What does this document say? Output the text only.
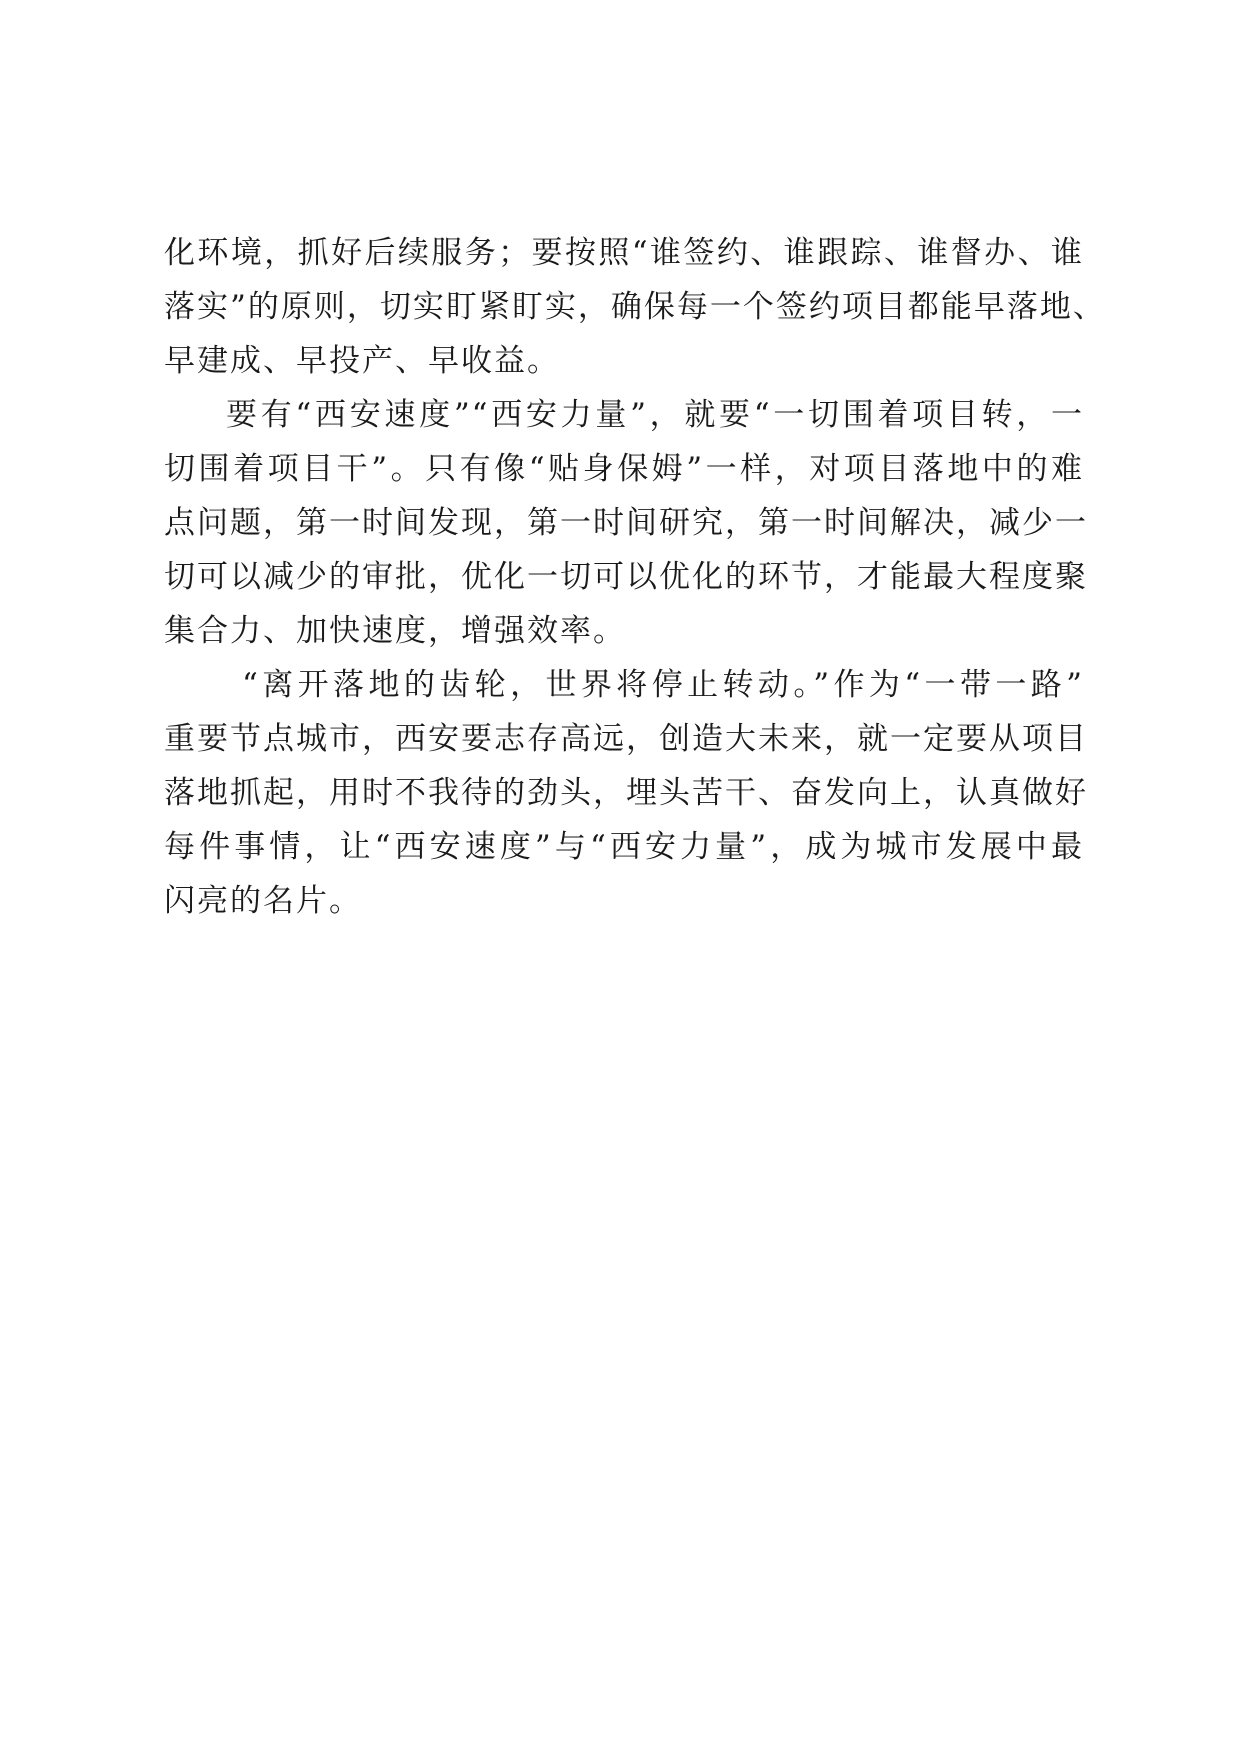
化环境，抓好后续服务；要按照“谁签约、谁跟踪、谁督办、谁
落实”的原则，切实盯紧盯实，确保每一个签约项目都能早落地、
早建成、早投产、早收益。
要有“西安速度”“西安力量”，就要“一切围着项目转，一
切围着项目干”。只有像“贴身保姆”一样，对项目落地中的难
点问题，第一时间发现，第一时间研究，第一时间解决，减少一
切可以减少的审批，优化一切可以优化的环节，才能最大程度聚
集合力、加快速度，增强效率。
“离开落地的齿轮，世界将停止转动。”作为“一带一路”
重要节点城市，西安要志存高远，创造大未来，就一定要从项目
落地抓起，用时不我待的劲头，埋头苦干、奋发向上，认真做好
每件事情，让“西安速度”与“西安力量”，成为城市发展中最
闪亮的名片。
